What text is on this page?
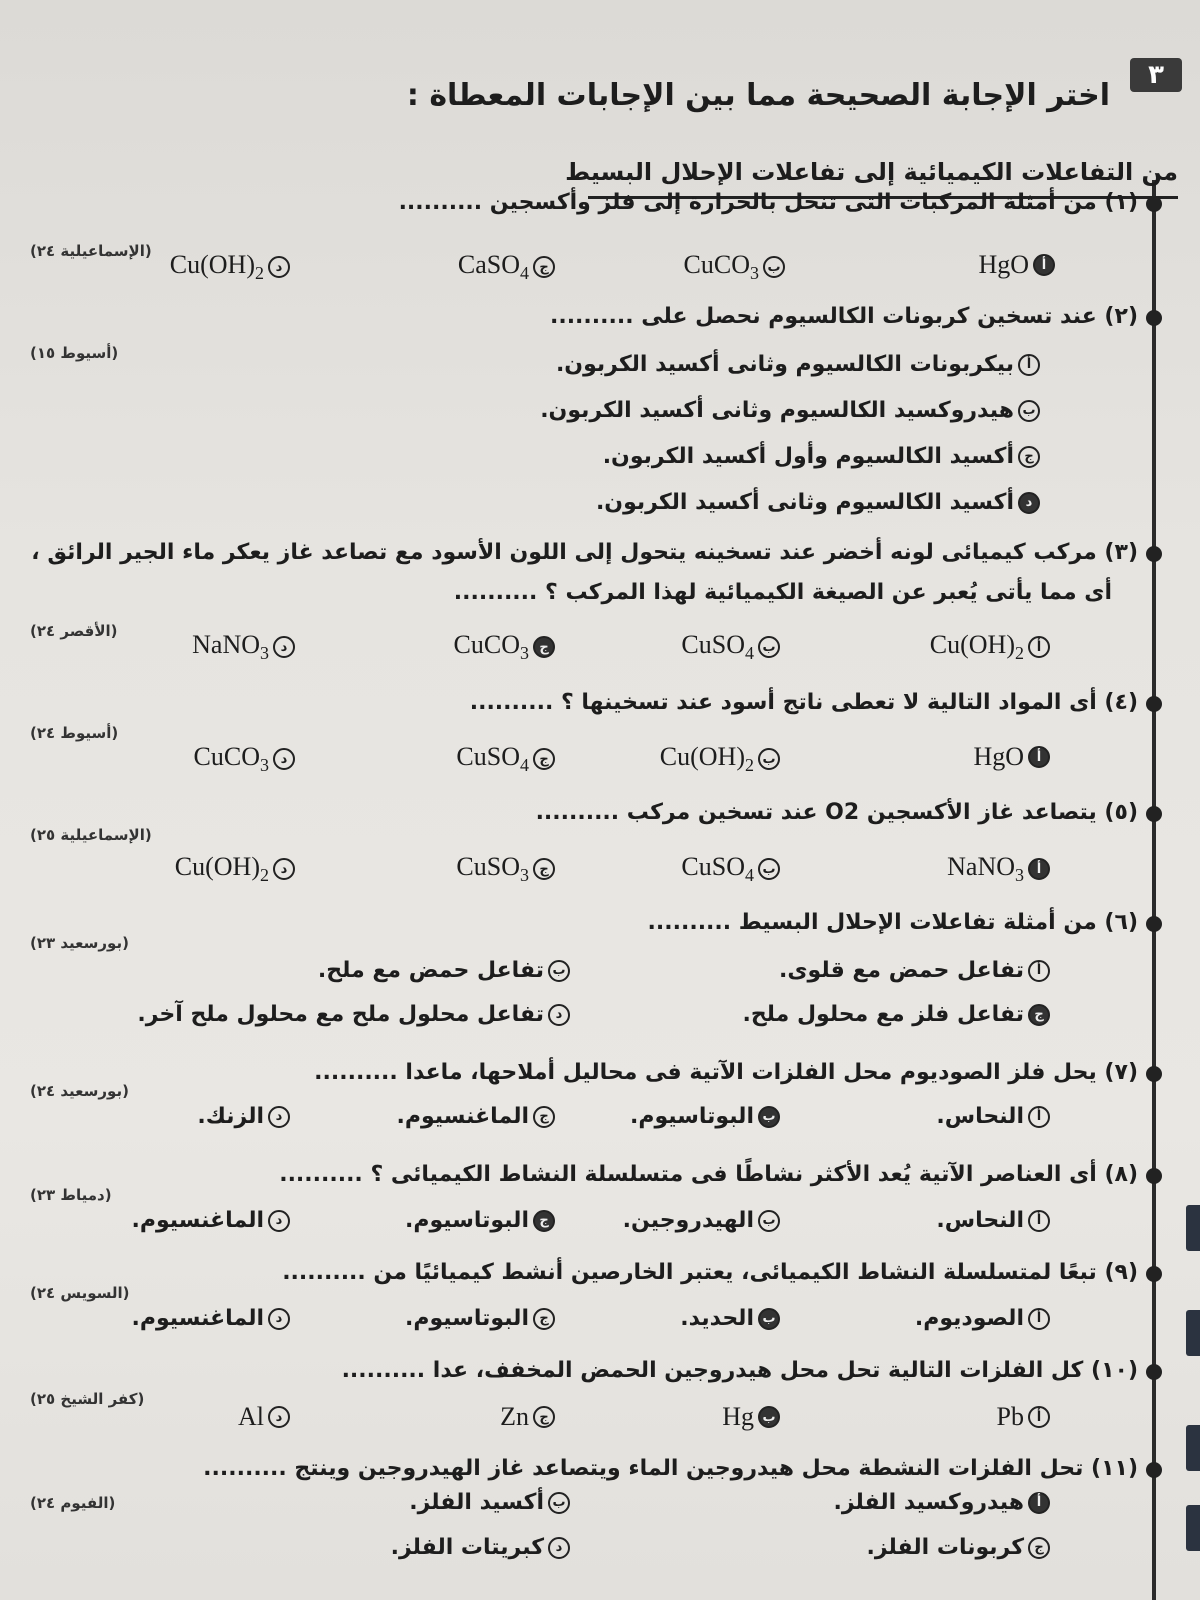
٣
اختر الإجابة الصحيحة مما بين الإجابات المعطاة :
من التفاعلات الكيميائية إلى تفاعلات الإحلال البسيط
(١) من أمثلة المركبات التى تنحل بالحرارة إلى فلز وأكسجين ..........
(الإسماعيلية ٢٤)	HgO أ
CuCO$_3$ ب
CaSO$_4$ ج
$Cu(OH)_2$ د
(٢) عند تسخين كربونات الكالسيوم نحصل على ..........
(أسيوط ١٥)
أ
بيكربونات الكالسيوم وثانى أكسيد الكربون.
ب
هيدروكسيد الكالسيوم وثانى أكسيد الكربون.
ج
أكسيد الكالسيوم وأول أكسيد الكربون.
د
أكسيد الكالسيوم وثانى أكسيد الكربون.
(٣) مركب كيميائى لونه أخضر عند تسخينه يتحول إلى اللون الأسود مع تصاعد غاز يعكر ماء الجير الرائق ،
أى مما يأتى يُعبر عن الصيغة الكيميائية لهذا المركب ؟ ..........
(الأقصر ٢٤)	$Cu(OH)_2$ أ
CuSO$_4$ ب
CuCO$_3$ ج
NaNO$_3$ د
(٤) أى المواد التالية لا تعطى ناتج أسود عند تسخينها ؟ ..........
(أسيوط ٢٤)
HgO أ
$Cu(OH)_2$ ب
CuSO$_4$ ج
CuCO$_3$ د
(٥) يتصاعد غاز الأكسجين O2 عند تسخين مركب ..........
(الإسماعيلية ٢٥)
NaNO$_3$ أ
CuSO$_4$ ب
CuSO$_3$ ج
$Cu(OH)_2$ د
(٦) من أمثلة تفاعلات الإحلال البسيط ..........
(بورسعيد ٢٣)
أ
تفاعل حمض مع قلوى.
ب
تفاعل حمض مع ملح.
ج
تفاعل فلز مع محلول ملح.
د
تفاعل محلول ملح مع محلول ملح آخر.
(٧) يحل فلز الصوديوم محل الفلزات الآتية فى محاليل أملاحها، ماعدا ..........
(بورسعيد ٢٤)
أ
النحاس.
ب
البوتاسيوم.
ج
الماغنسيوم.
د
الزنك.
(٨) أى العناصر الآتية يُعد الأكثر نشاطًا فى متسلسلة النشاط الكيميائى ؟ ..........
(دمياط ٢٣)
أ
النحاس.
ب
الهيدروجين.
ج
البوتاسيوم.
د
الماغنسيوم.
(٩) تبعًا لمتسلسلة النشاط الكيميائى، يعتبر الخارصين أنشط كيميائيًا من ..........
(السويس ٢٤)
أ
الصوديوم.
ب
الحديد.
ج
البوتاسيوم.
د
الماغنسيوم.
(١٠) كل الفلزات التالية تحل محل هيدروجين الحمض المخفف، عدا ..........
(كفر الشيخ ٢٥)
Pb أ
Hg ب
Zn ج
Al د
(١١) تحل الفلزات النشطة محل هيدروجين الماء ويتصاعد غاز الهيدروجين وينتج ..........
(الفيوم ٢٤)	أ
هيدروكسيد الفلز.
ب
أكسيد الفلز.
ج
كربونات الفلز.
د
كبريتات الفلز.
